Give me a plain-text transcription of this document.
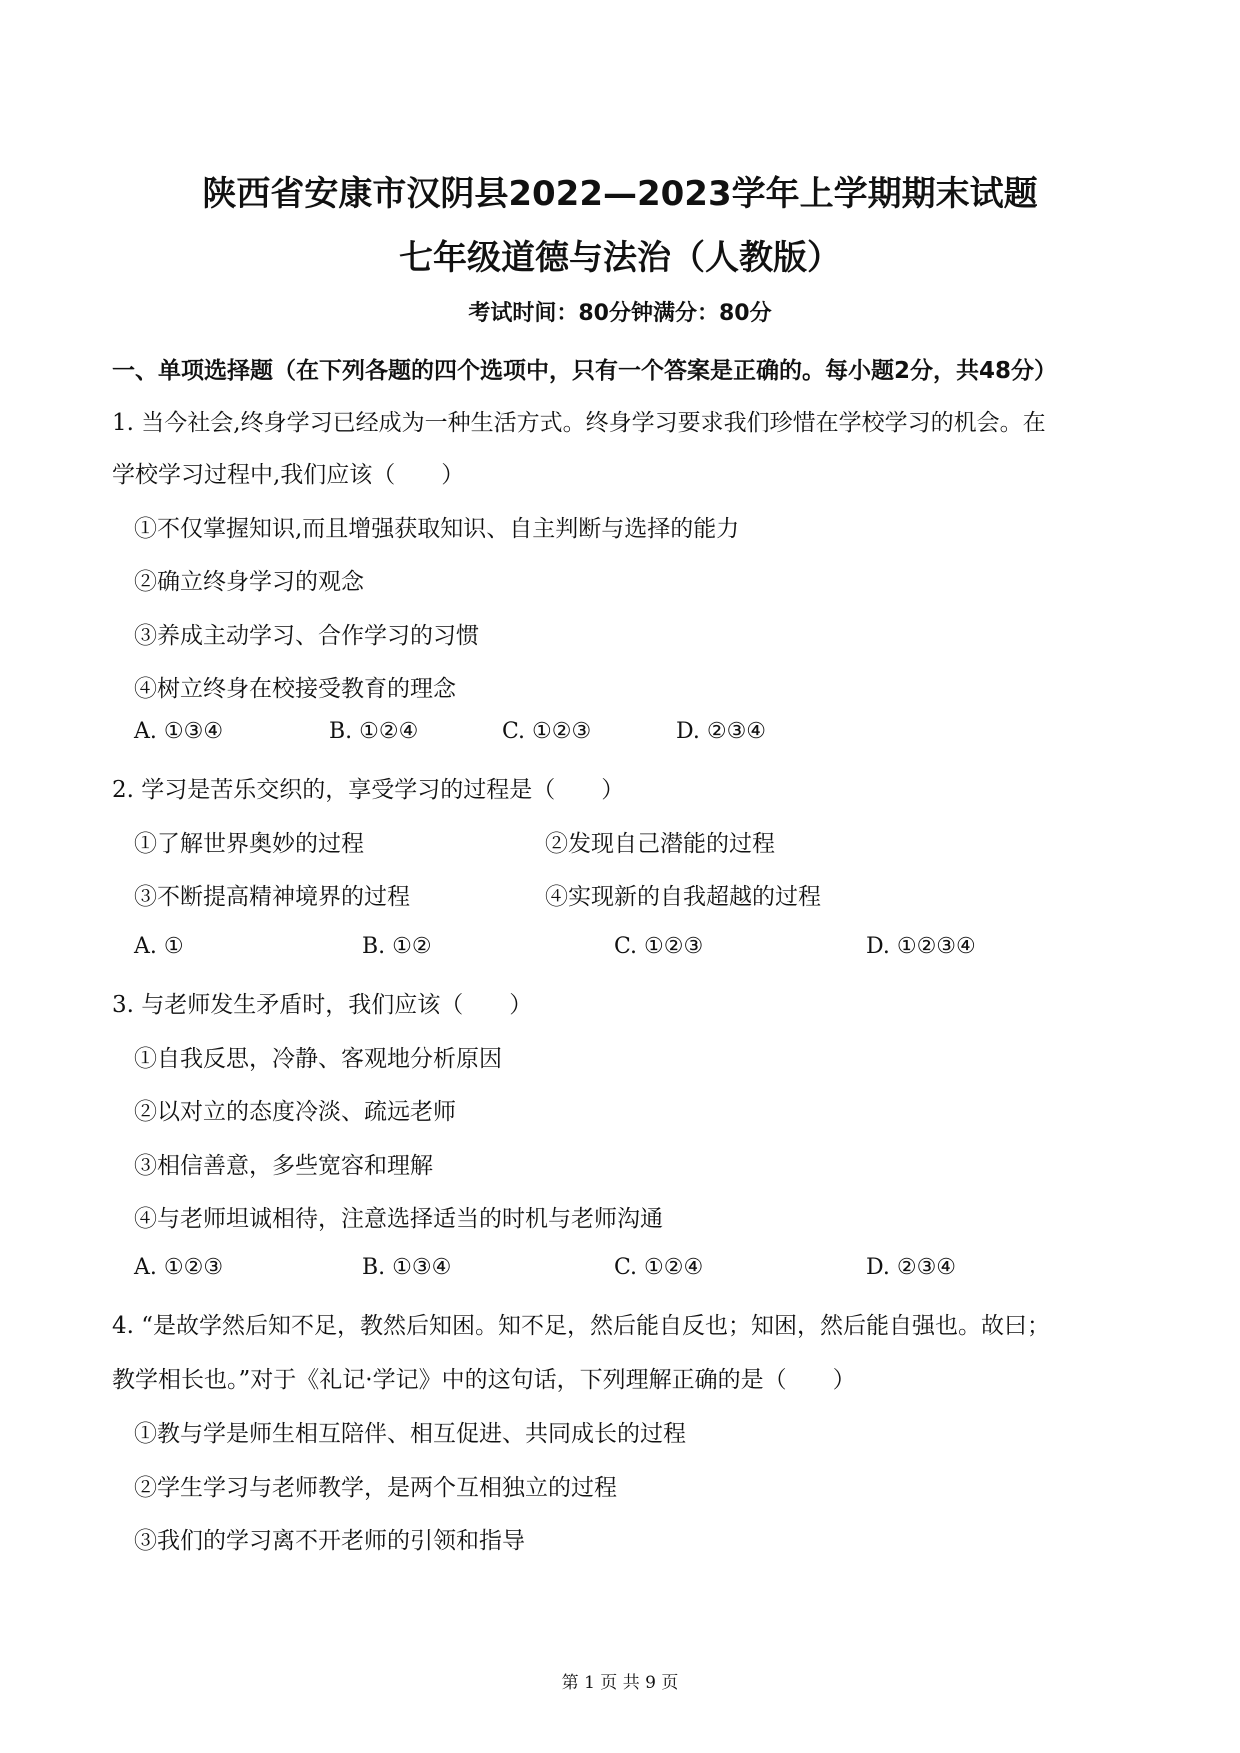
陕西省安康市汉阴县2022—2023学年上学期期末试题
七年级道德与法治（人教版）
考试时间：80分钟满分：80分
一、单项选择题（在下列各题的四个选项中，只有一个答案是正确的。每小题2分，共48分）
1. 当今社会,终身学习已经成为一种生活方式。终身学习要求我们珍惜在学校学习的机会。在
学校学习过程中,我们应该（　　）
①不仅掌握知识,而且增强获取知识、自主判断与选择的能力
②确立终身学习的观念
③养成主动学习、合作学习的习惯
④树立终身在校接受教育的理念
A. ①③④	B. ①②④	C. ①②③	D. ②③④
2. 学习是苦乐交织的，享受学习的过程是（　　）
①了解世界奥妙的过程	②发现自己潜能的过程
③不断提高精神境界的过程	④实现新的自我超越的过程
A. ①	B. ①②	C. ①②③	D. ①②③④
3. 与老师发生矛盾时，我们应该（　　）
①自我反思，冷静、客观地分析原因
②以对立的态度冷淡、疏远老师
③相信善意，多些宽容和理解
④与老师坦诚相待，注意选择适当的时机与老师沟通
A. ①②③	B. ①③④	C. ①②④	D. ②③④
4. “是故学然后知不足，教然后知困。知不足，然后能自反也；知困，然后能自强也。故曰；
教学相长也。”对于《礼记·学记》中的这句话，下列理解正确的是（　　）
①教与学是师生相互陪伴、相互促进、共同成长的过程
②学生学习与老师教学，是两个互相独立的过程
③我们的学习离不开老师的引领和指导
第 1 页 共 9 页
